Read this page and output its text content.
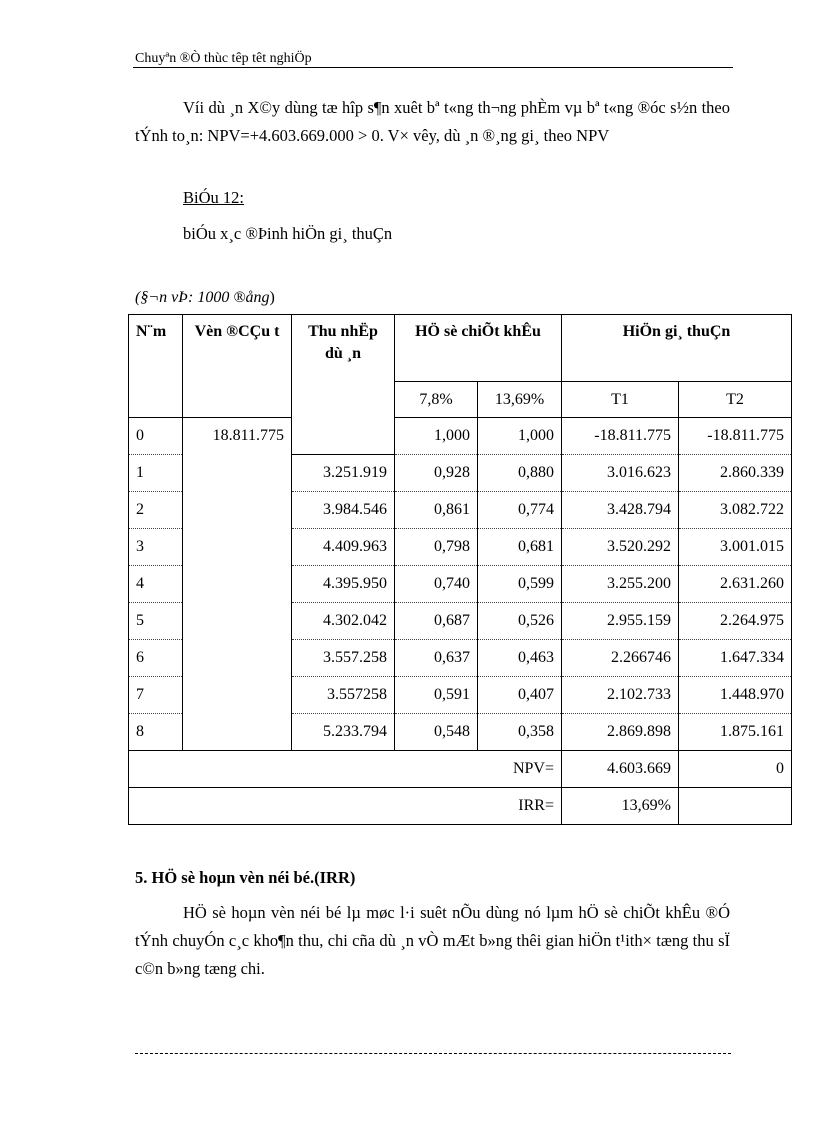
Chuyªn ®Ò thùc têp têt nghiÖp

Víi dù ¸n X©y dùng tæ hîp s¶n xuêt bª t«ng th¬ng phÈm vµ bª t«ng ®óc s½n theo tÝnh to¸n: NPV=+4.603.669.000 > 0. V× vêy, dù ¸n ®¸ng gi¸ theo NPV

BiÓu 12:
biÓu x¸c ®Þinh hiÖn gi¸ thuÇn
(§¬n vÞ: 1000 ®ång)
N¨m	Vèn ®CÇu t	Thu nhËp dù ¸n	HÖ sè chiÕt khÊu		HiÖn gi¸ thuÇn	
			7,8%	13,69%	T1	T2
0	18.811.775		1,000	1,000	-18.811.775	-18.811.775
1		3.251.919	0,928	0,880	3.016.623	2.860.339
2		3.984.546	0,861	0,774	3.428.794	3.082.722
3		4.409.963	0,798	0,681	3.520.292	3.001.015
4		4.395.950	0,740	0,599	3.255.200	2.631.260
5		4.302.042	0,687	0,526	2.955.159	2.264.975
6		3.557.258	0,637	0,463	2.266746	1.647.334
7		3.557258	0,591	0,407	2.102.733	1.448.970
8		5.233.794	0,548	0,358	2.869.898	1.875.161
NPV=					4.603.669	0
IRR=					13,69%	
5. HÖ sè hoµn vèn néi bé.(IRR)

HÖ sè hoµn vèn néi bé lµ møc l·i suêt nÕu dùng nó lµm hÖ sè chiÕt khÊu ®Ó tÝnh chuyÓn c¸c kho¶n thu, chi cña dù ¸n vÒ mÆt b»ng thêi gian hiÖn t¹ith× tæng thu sÏ c©n b»ng tæng chi.
